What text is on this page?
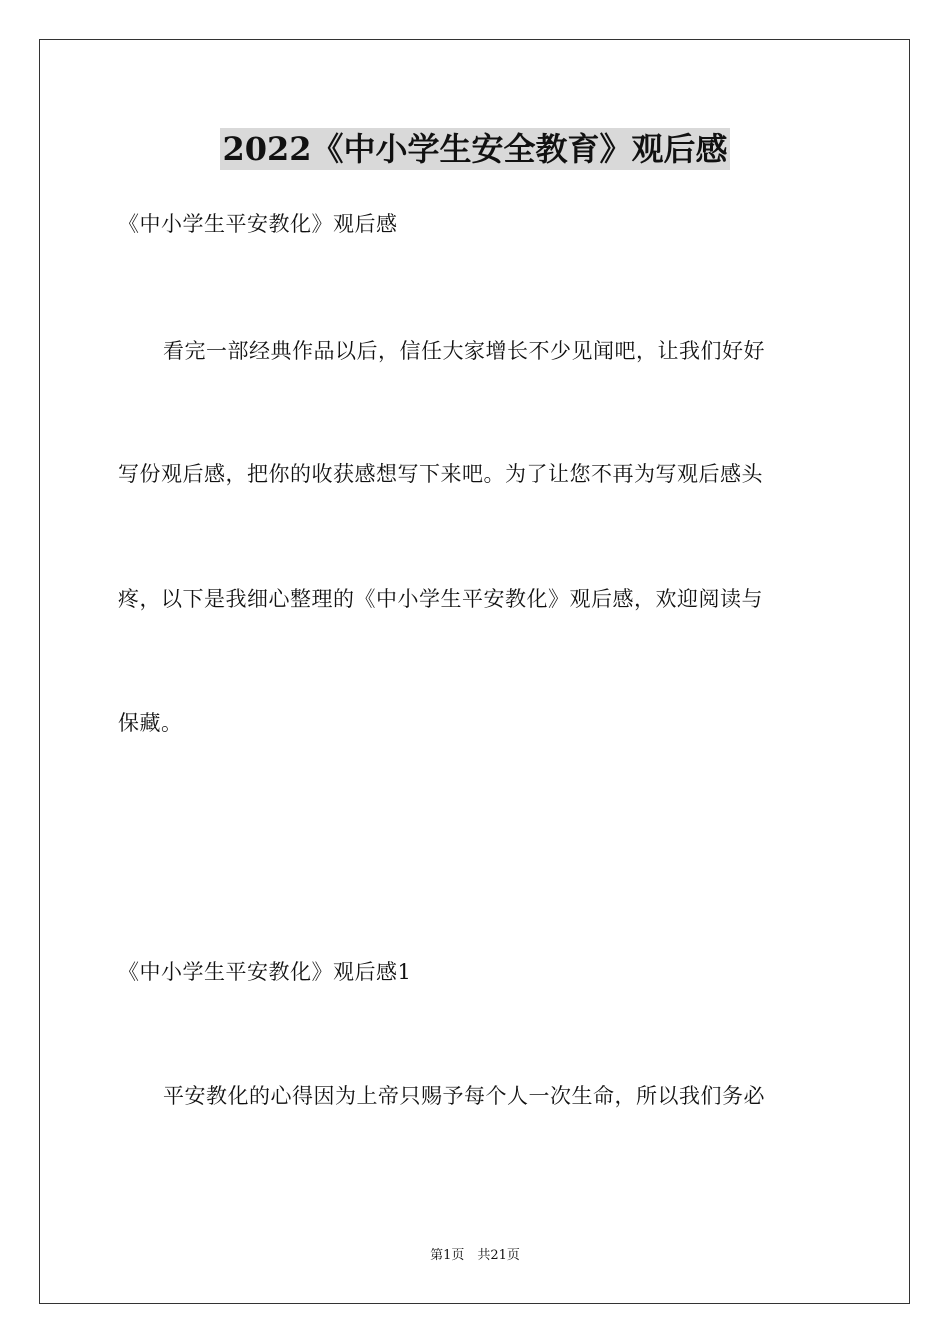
2022《中小学生安全教育》观后感
《中小学生平安教化》观后感
看完一部经典作品以后，信任大家增长不少见闻吧，让我们好好
写份观后感，把你的收获感想写下来吧。为了让您不再为写观后感头
疼，以下是我细心整理的《中小学生平安教化》观后感，欢迎阅读与
保藏。
《中小学生平安教化》观后感1
平安教化的心得因为上帝只赐予每个人一次生命，所以我们务必
第1页　共21页
